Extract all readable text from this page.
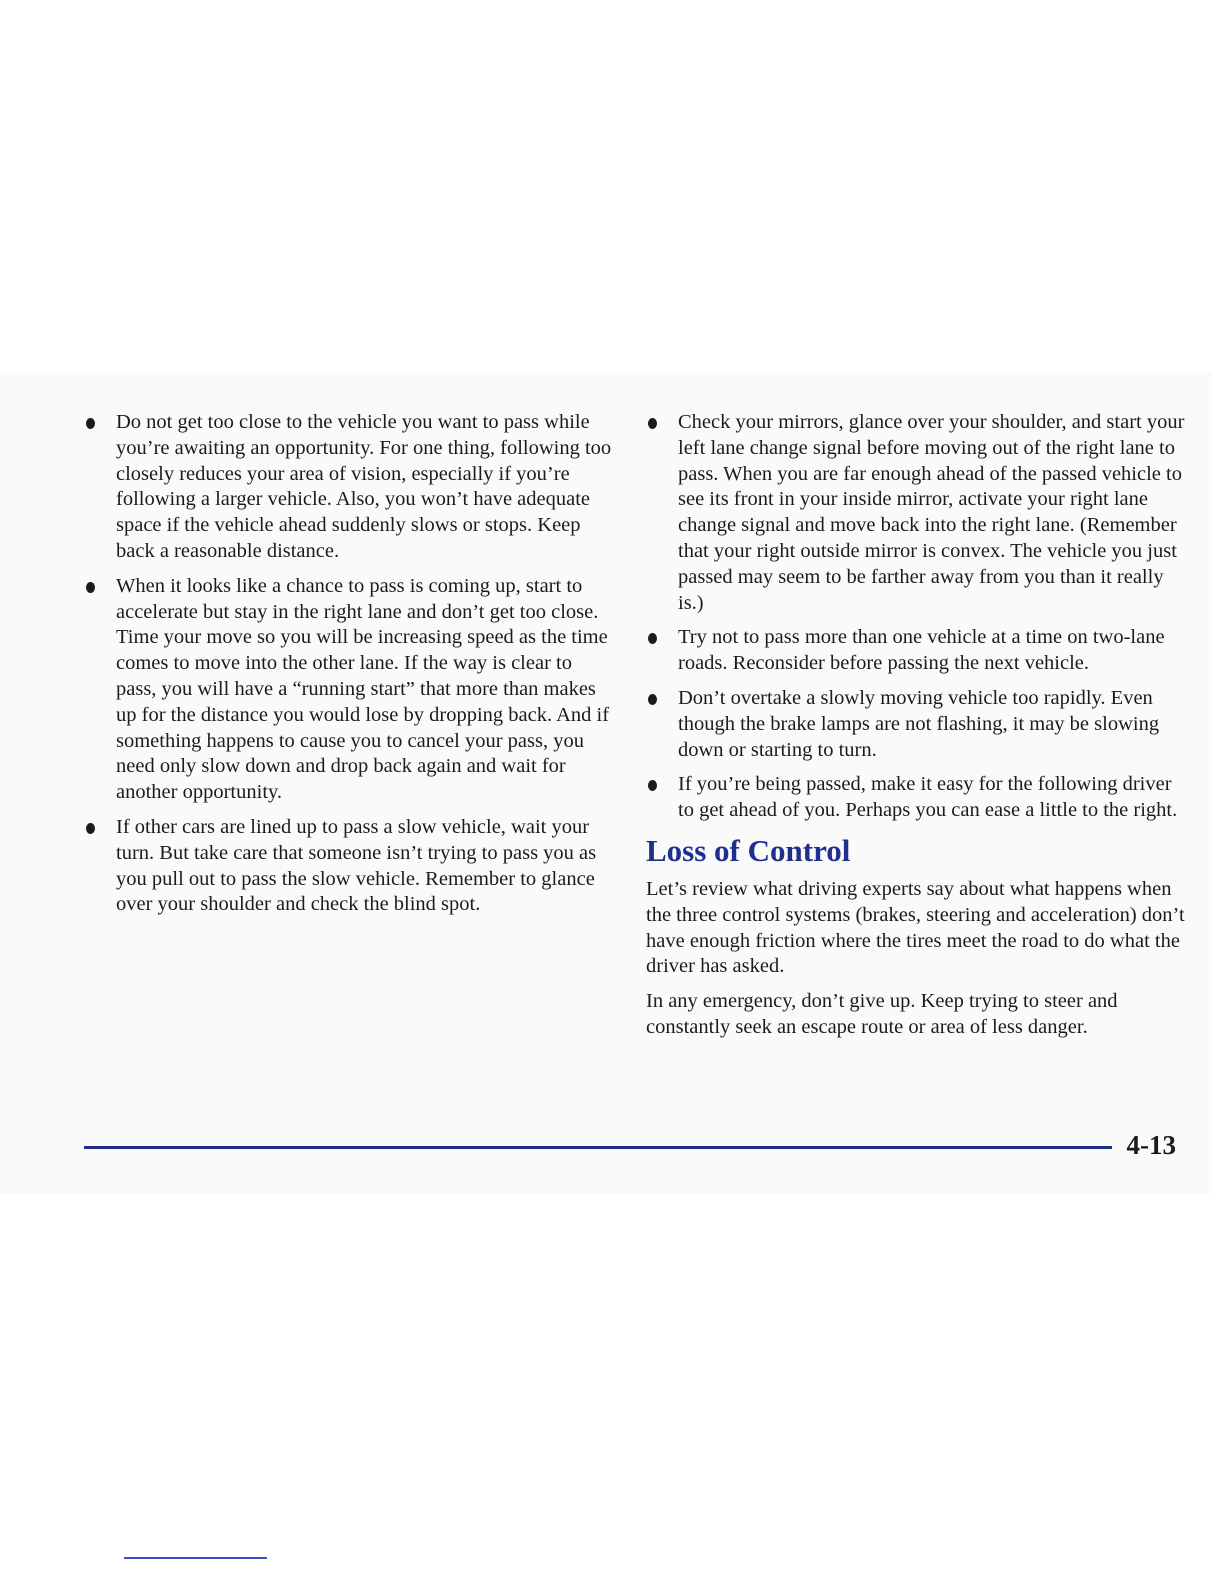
Do not get too close to the vehicle you want to pass while you’re awaiting an opportunity. For one thing, following too closely reduces your area of vision, especially if you’re following a larger vehicle. Also, you won’t have adequate space if the vehicle ahead suddenly slows or stops. Keep back a reasonable distance.
When it looks like a chance to pass is coming up, start to accelerate but stay in the right lane and don’t get too close. Time your move so you will be increasing speed as the time comes to move into the other lane. If the way is clear to pass, you will have a “running start” that more than makes up for the distance you would lose by dropping back. And if something happens to cause you to cancel your pass, you need only slow down and drop back again and wait for another opportunity.
If other cars are lined up to pass a slow vehicle, wait your turn. But take care that someone isn’t trying to pass you as you pull out to pass the slow vehicle. Remember to glance over your shoulder and check the blind spot.
Check your mirrors, glance over your shoulder, and start your left lane change signal before moving out of the right lane to pass. When you are far enough ahead of the passed vehicle to see its front in your inside mirror, activate your right lane change signal and move back into the right lane. (Remember that your right outside mirror is convex. The vehicle you just passed may seem to be farther away from you than it really is.)
Try not to pass more than one vehicle at a time on two-lane roads. Reconsider before passing the next vehicle.
Don’t overtake a slowly moving vehicle too rapidly. Even though the brake lamps are not flashing, it may be slowing down or starting to turn.
If you’re being passed, make it easy for the following driver to get ahead of you. Perhaps you can ease a little to the right.
Loss of Control

Let’s review what driving experts say about what happens when the three control systems (brakes, steering and acceleration) don’t have enough friction where the tires meet the road to do what the driver has asked.

In any emergency, don’t give up. Keep trying to steer and constantly seek an escape route or area of less danger.

4-13
